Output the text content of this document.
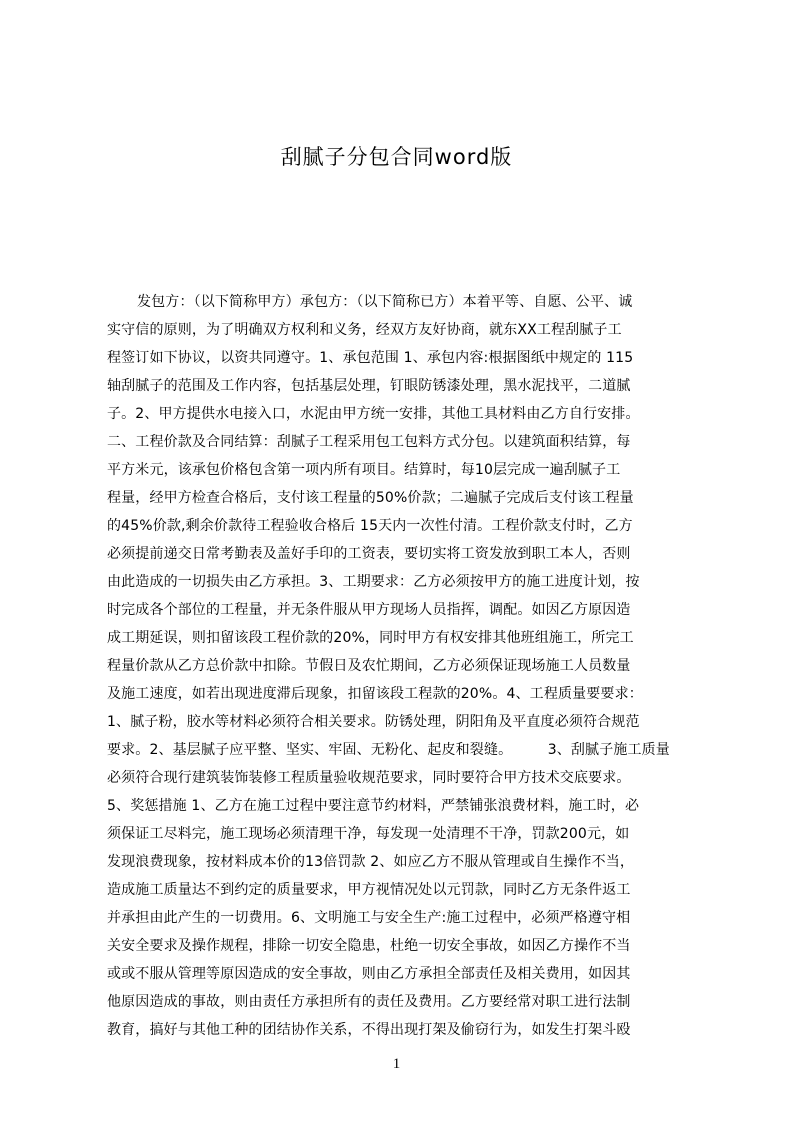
刮腻子分包合同word版
发包方：（以下简称甲方）承包方：（以下简称已方）本着平等、自愿、公平、诚
实守信的原则，为了明确双方权利和义务，经双方友好协商，就东XX工程刮腻子工
程签订如下协议，以资共同遵守。1、承包范围 1、承包内容:根据图纸中规定的 115
轴刮腻子的范围及工作内容，包括基层处理，钉眼防锈漆处理，黑水泥找平，二道腻
子。2、甲方提供水电接入口，水泥由甲方统一安排，其他工具材料由乙方自行安排。
二、工程价款及合同结算：刮腻子工程采用包工包料方式分包。以建筑面积结算，每
平方米元，该承包价格包含第一项内所有项目。结算时，每10层完成一遍刮腻子工
程量，经甲方检查合格后，支付该工程量的50%价款；二遍腻子完成后支付该工程量
的45%价款,剩余价款待工程验收合格后 15天内一次性付清。工程价款支付时，乙方
必须提前递交日常考勤表及盖好手印的工资表，要切实将工资发放到职工本人，否则
由此造成的一切损失由乙方承担。3、工期要求：乙方必须按甲方的施工进度计划，按
时完成各个部位的工程量，并无条件服从甲方现场人员指挥，调配。如因乙方原因造
成工期延误，则扣留该段工程价款的20%，同时甲方有权安排其他班组施工，所完工
程量价款从乙方总价款中扣除。节假日及农忙期间，乙方必须保证现场施工人员数量
及施工速度，如若出现进度滞后现象，扣留该段工程款的20%。4、工程质量要要求：
1、腻子粉，胶水等材料必须符合相关要求。防锈处理，阴阳角及平直度必须符合规范
要求。2、基层腻子应平整、坚实、牢固、无粉化、起皮和裂缝。　　　3、刮腻子施工质量
必须符合现行建筑装饰装修工程质量验收规范要求，同时要符合甲方技术交底要求。
5、奖惩措施 1、乙方在施工过程中要注意节约材料，严禁铺张浪费材料，施工时，必
须保证工尽料完，施工现场必须清理干净，每发现一处清理不干净，罚款200元，如
发现浪费现象，按材料成本价的13倍罚款 2、如应乙方不服从管理或自生操作不当，
造成施工质量达不到约定的质量要求，甲方视情况处以元罚款，同时乙方无条件返工
并承担由此产生的一切费用。6、文明施工与安全生产:施工过程中，必须严格遵守相
关安全要求及操作规程，排除一切安全隐患，杜绝一切安全事故，如因乙方操作不当
或或不服从管理等原因造成的安全事故，则由乙方承担全部责任及相关费用，如因其
他原因造成的事故，则由责任方承担所有的责任及费用。乙方要经常对职工进行法制
教育，搞好与其他工种的团结协作关系，不得出现打架及偷窃行为，如发生打架斗殴
1
